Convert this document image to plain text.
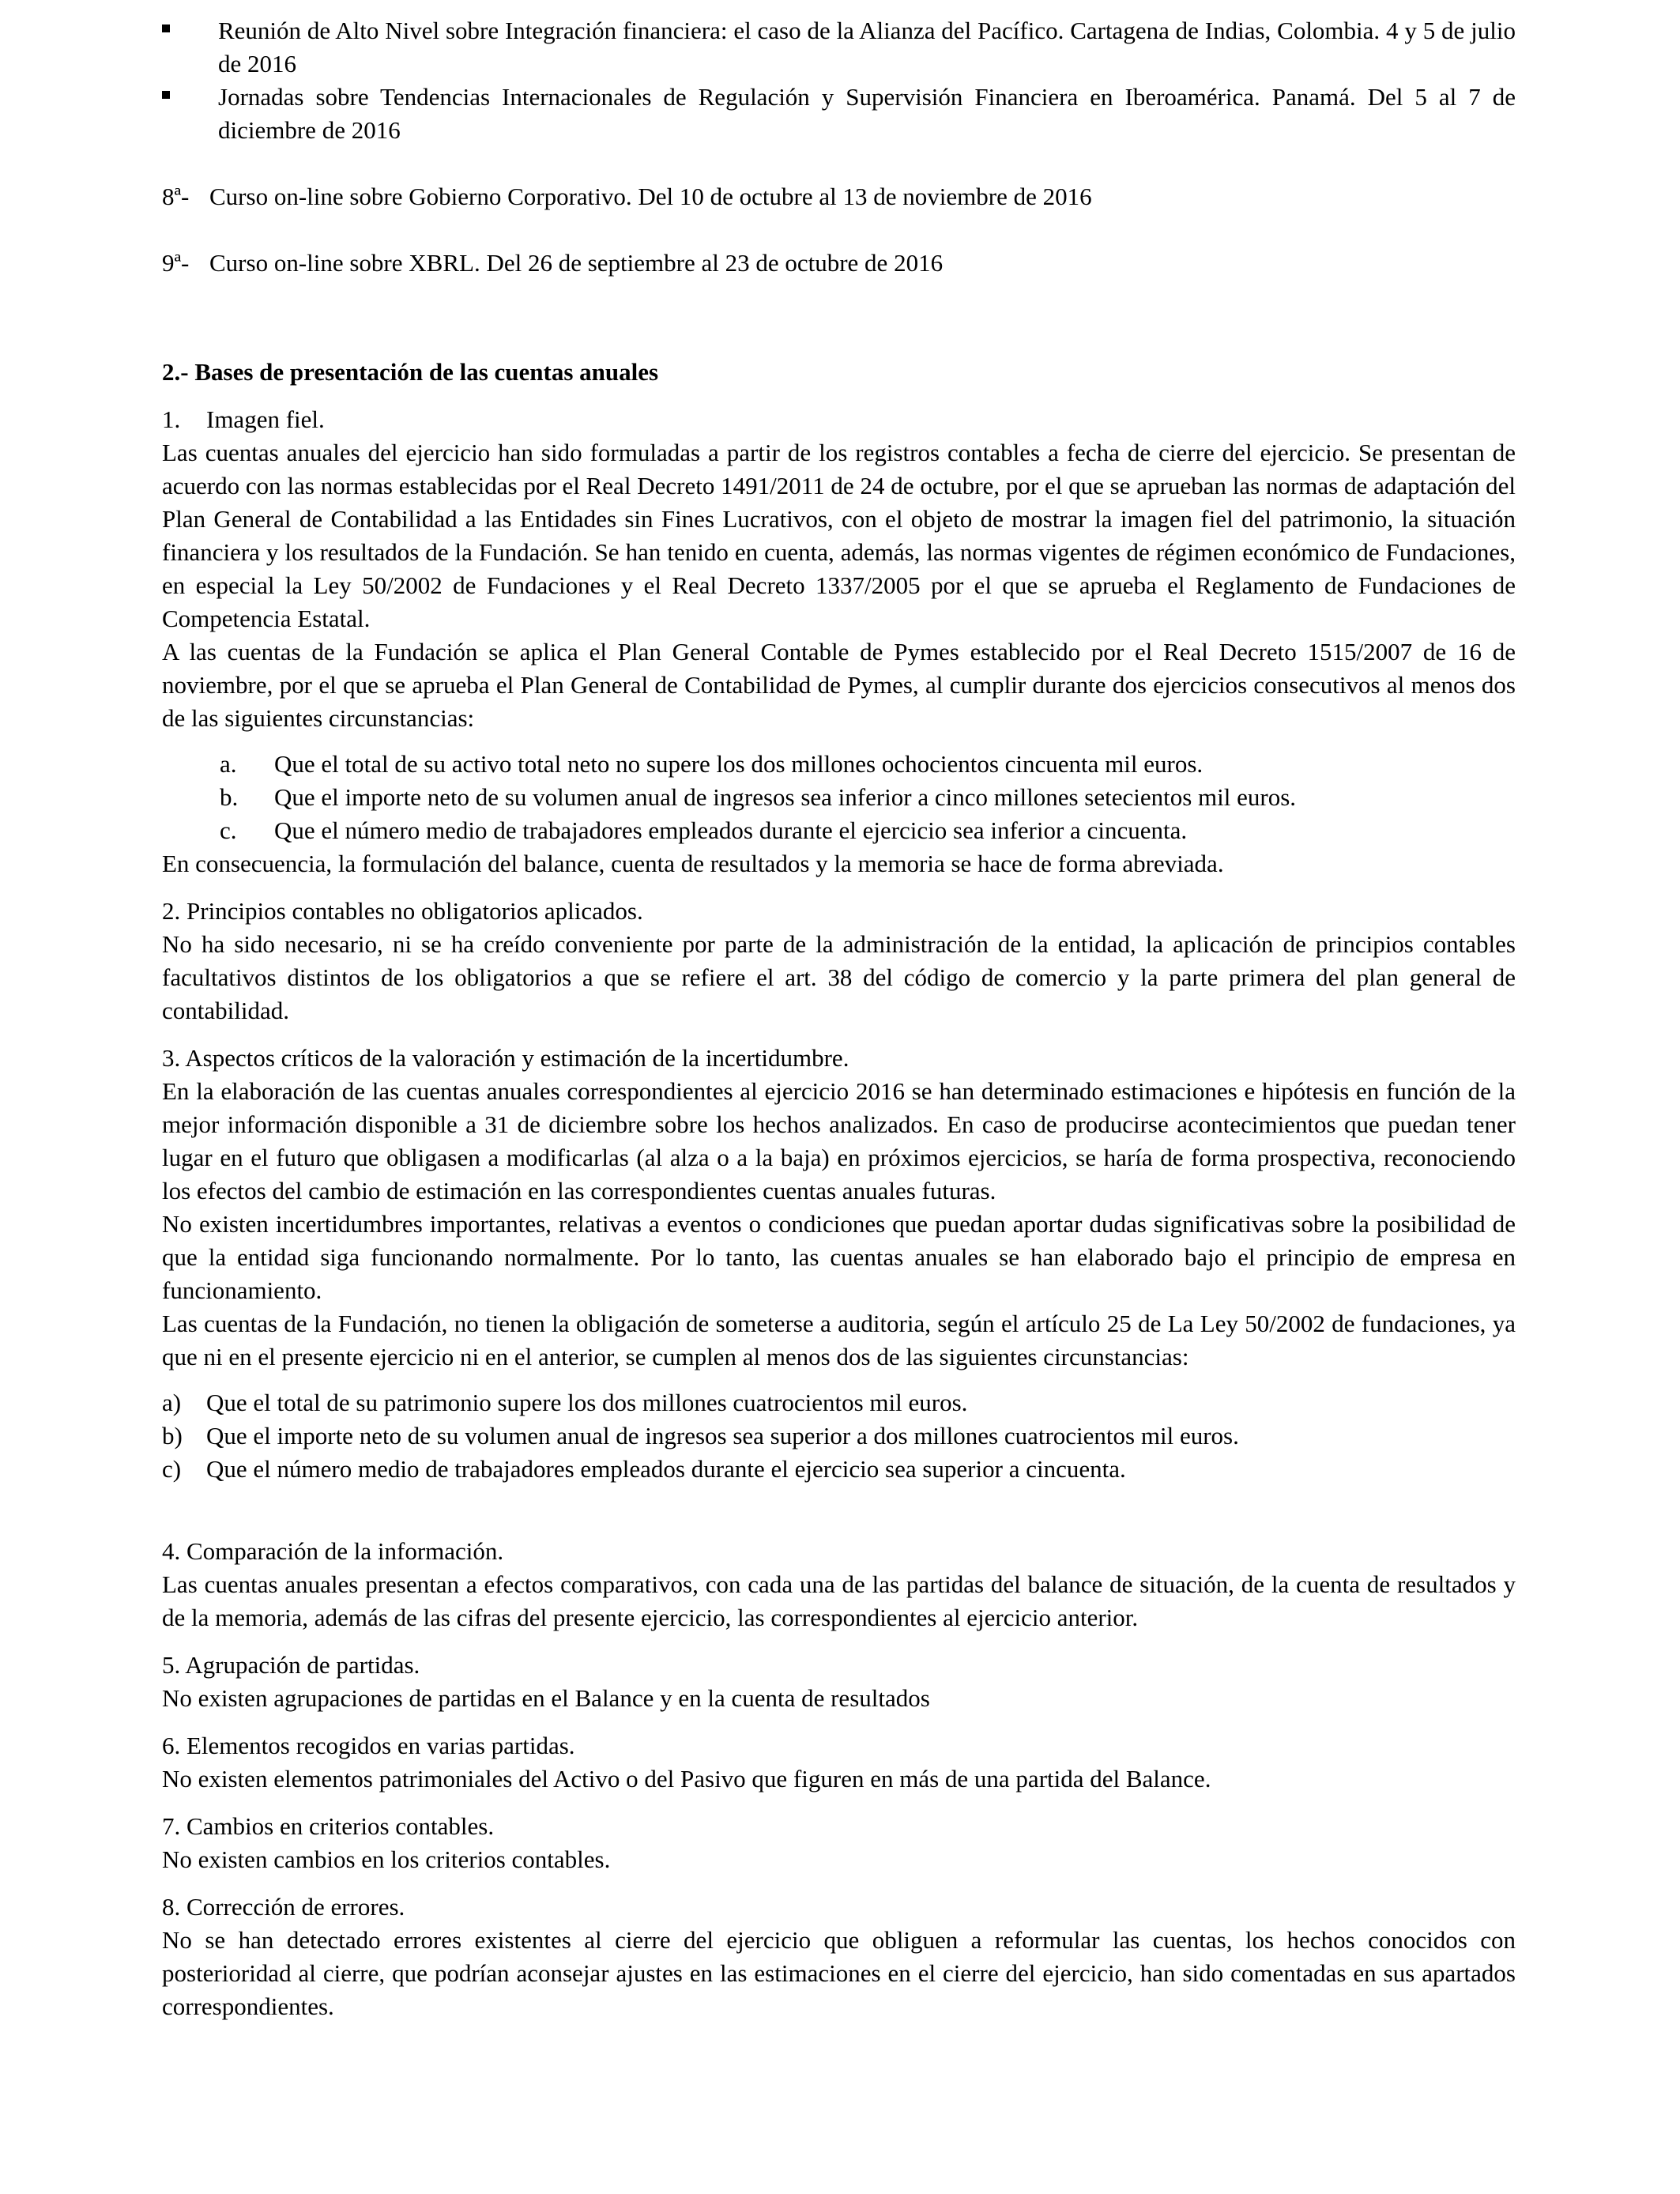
Reunión de Alto Nivel sobre Integración financiera: el caso de la Alianza del Pacífico. Cartagena de Indias, Colombia. 4 y 5 de julio de 2016
Jornadas sobre Tendencias Internacionales de Regulación y Supervisión Financiera en Iberoamérica. Panamá. Del 5 al 7 de diciembre de 2016

8ª- Curso on-line sobre Gobierno Corporativo. Del 10 de octubre al 13 de noviembre de 2016

9ª- Curso on-line sobre XBRL. Del 26 de septiembre al 23 de octubre de 2016

2.- Bases de presentación de las cuentas anuales

1. Imagen fiel.

Las cuentas anuales del ejercicio han sido formuladas a partir de los registros contables a fecha de cierre del ejercicio. Se presentan de acuerdo con las normas establecidas por el Real Decreto 1491/2011 de 24 de octubre, por el que se aprueban las normas de adaptación del Plan General de Contabilidad a las Entidades sin Fines Lucrativos, con el objeto de mostrar la imagen fiel del patrimonio, la situación financiera y los resultados de la Fundación. Se han tenido en cuenta, además, las normas vigentes de régimen económico de Fundaciones, en especial la Ley 50/2002 de Fundaciones y el Real Decreto 1337/2005 por el que se aprueba el Reglamento de Fundaciones de Competencia Estatal.

A las cuentas de la Fundación se aplica el Plan General Contable de Pymes establecido por el Real Decreto 1515/2007 de 16 de noviembre, por el que se aprueba el Plan General de Contabilidad de Pymes, al cumplir durante dos ejercicios consecutivos al menos dos de las siguientes circunstancias:

a. Que el total de su activo total neto no supere los dos millones ochocientos cincuenta mil euros.
b. Que el importe neto de su volumen anual de ingresos sea inferior a cinco millones setecientos mil euros.
c. Que el número medio de trabajadores empleados durante el ejercicio sea inferior a cincuenta.

En consecuencia, la formulación del balance, cuenta de resultados y la memoria se hace de forma abreviada.

2. Principios contables no obligatorios aplicados.

No ha sido necesario, ni se ha creído conveniente por parte de la administración de la entidad, la aplicación de principios contables facultativos distintos de los obligatorios a que se refiere el art. 38 del código de comercio y la parte primera del plan general de contabilidad.

3. Aspectos críticos de la valoración y estimación de la incertidumbre.

En la elaboración de las cuentas anuales correspondientes al ejercicio 2016 se han determinado estimaciones e hipótesis en función de la mejor información disponible a 31 de diciembre sobre los hechos analizados. En caso de producirse acontecimientos que puedan tener lugar en el futuro que obligasen a modificarlas (al alza o a la baja) en próximos ejercicios, se haría de forma prospectiva, reconociendo los efectos del cambio de estimación en las correspondientes cuentas anuales futuras.

No existen incertidumbres importantes, relativas a eventos o condiciones que puedan aportar dudas significativas sobre la posibilidad de que la entidad siga funcionando normalmente. Por lo tanto, las cuentas anuales se han elaborado bajo el principio de empresa en funcionamiento.

Las cuentas de la Fundación, no tienen la obligación de someterse a auditoria, según el artículo 25 de La Ley 50/2002 de fundaciones, ya que ni en el presente ejercicio ni en el anterior, se cumplen al menos dos de las siguientes circunstancias:

a) Que el total de su patrimonio supere los dos millones cuatrocientos mil euros.
b) Que el importe neto de su volumen anual de ingresos sea superior a dos millones cuatrocientos mil euros.
c) Que el número medio de trabajadores empleados durante el ejercicio sea superior a cincuenta.

4. Comparación de la información.

Las cuentas anuales presentan a efectos comparativos, con cada una de las partidas del balance de situación, de la cuenta de resultados y de la memoria, además de las cifras del presente ejercicio, las correspondientes al ejercicio anterior.

5. Agrupación de partidas.

No existen agrupaciones de partidas en el Balance y en la cuenta de resultados

6. Elementos recogidos en varias partidas.

No existen elementos patrimoniales del Activo o del Pasivo que figuren en más de una partida del Balance.

7. Cambios en criterios contables.

No existen cambios en los criterios contables.

8. Corrección de errores.

No se han detectado errores existentes al cierre del ejercicio que obliguen a reformular las cuentas, los hechos conocidos con posterioridad al cierre, que podrían aconsejar ajustes en las estimaciones en el cierre del ejercicio, han sido comentadas en sus apartados correspondientes.
